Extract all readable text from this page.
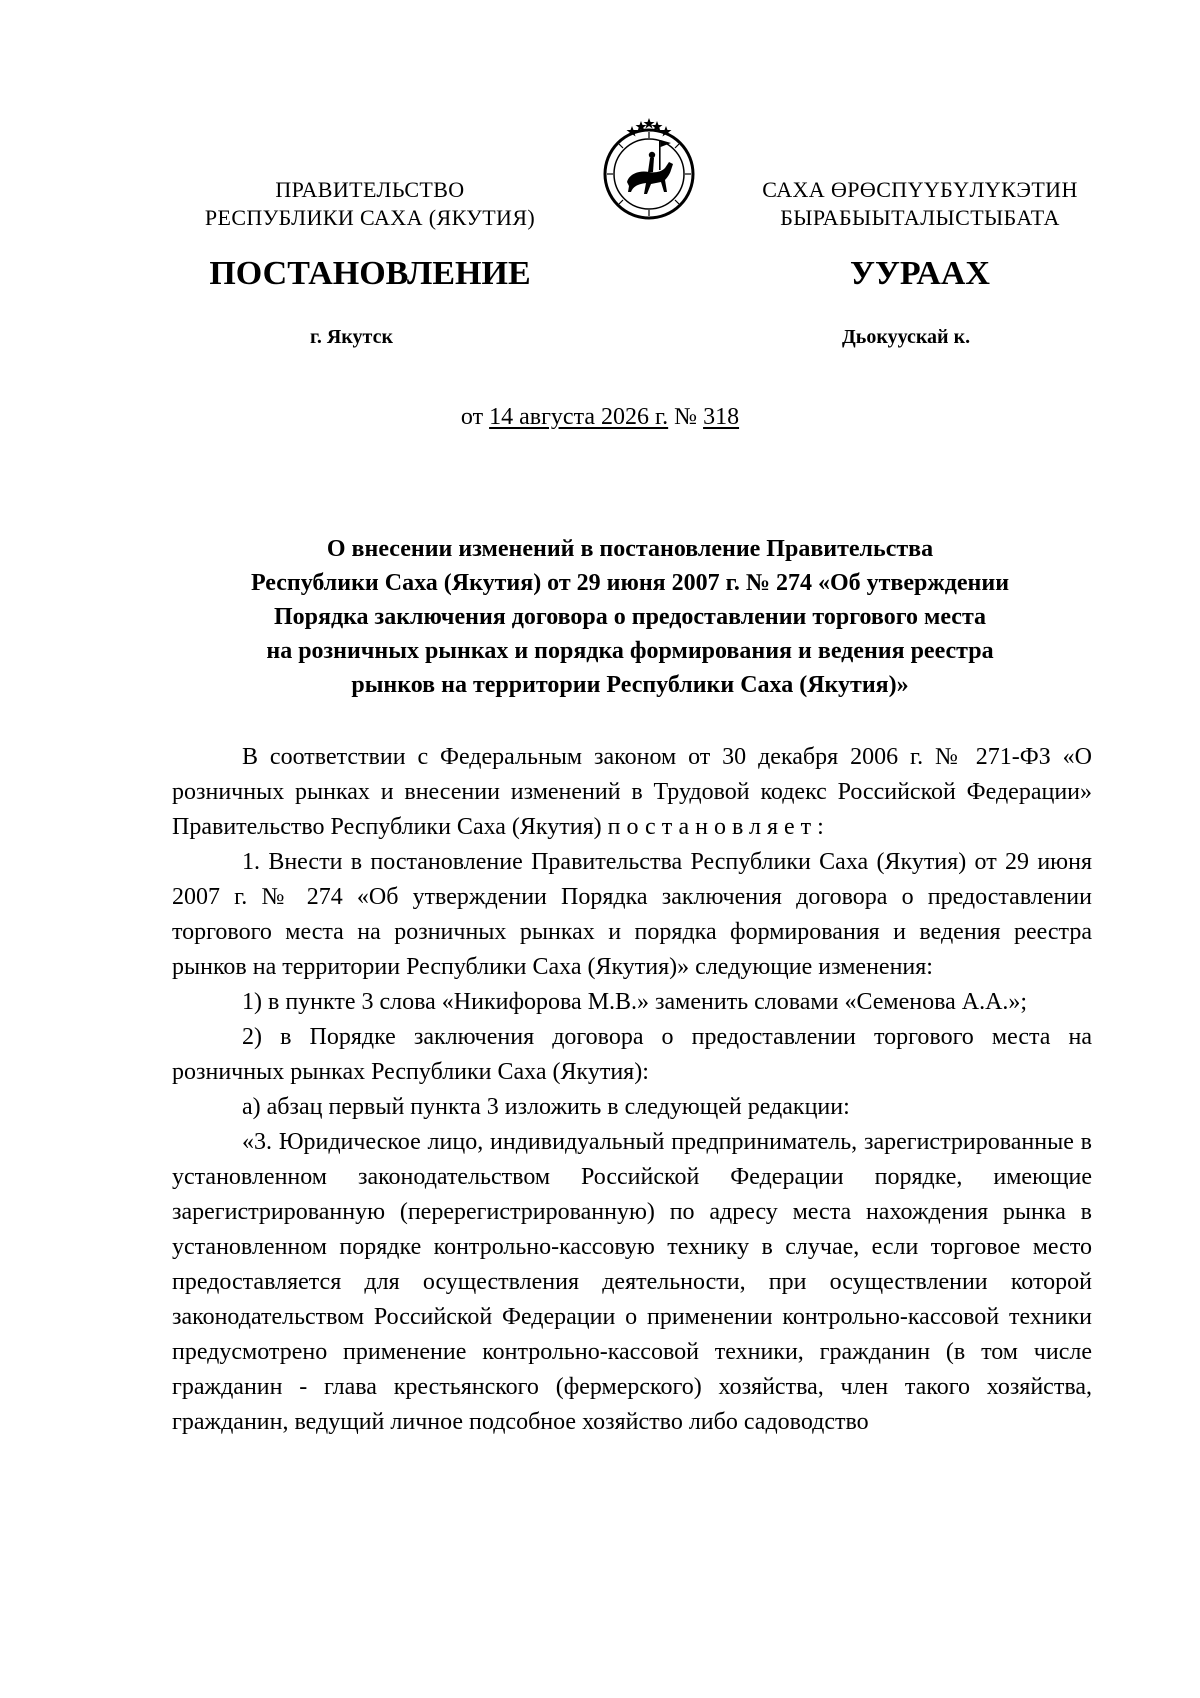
ПРАВИТЕЛЬСТВО
РЕСПУБЛИКИ САХА (ЯКУТИЯ)
САХА ӨРӨСПҮҮБҮЛҮКЭТИН
БЫРАБЫЫТАЛЫСТЫБАТА
ПОСТАНОВЛЕНИЕ	УУРААХ
г. Якутск	Дьокуускай к.
от 14 августа 2026 г. № 318
О внесении изменений в постановление Правительства
Республики Саха (Якутия) от 29 июня 2007 г. № 274 «Об утверждении
Порядка заключения договора о предоставлении торгового места
на розничных рынках и порядка формирования и ведения реестра
рынков на территории Республики Саха (Якутия)»

В соответствии с Федеральным законом от 30 декабря 2006 г. № 271-ФЗ «О розничных рынках и внесении изменений в Трудовой кодекс Российской Федерации» Правительство Республики Саха (Якутия) постановляет:

1. Внести в постановление Правительства Республики Саха (Якутия) от 29 июня 2007 г. № 274 «Об утверждении Порядка заключения договора о предоставлении торгового места на розничных рынках и порядка формирования и ведения реестра рынков на территории Республики Саха (Якутия)» следующие изменения:

1) в пункте 3 слова «Никифорова М.В.» заменить словами «Семенова А.А.»;

2) в Порядке заключения договора о предоставлении торгового места на розничных рынках Республики Саха (Якутия):

а) абзац первый пункта 3 изложить в следующей редакции:

«3. Юридическое лицо, индивидуальный предприниматель, зарегистрированные в установленном законодательством Российской Федерации порядке, имеющие зарегистрированную (перерегистрированную) по адресу места нахождения рынка в установленном порядке контрольно-кассовую технику в случае, если торговое место предоставляется для осуществления деятельности, при осуществлении которой законодательством Российской Федерации о применении контрольно-кассовой техники предусмотрено применение контрольно-кассовой техники, гражданин (в том числе гражданин - глава крестьянского (фермерского) хозяйства, член такого хозяйства, гражданин, ведущий личное подсобное хозяйство либо садоводство
